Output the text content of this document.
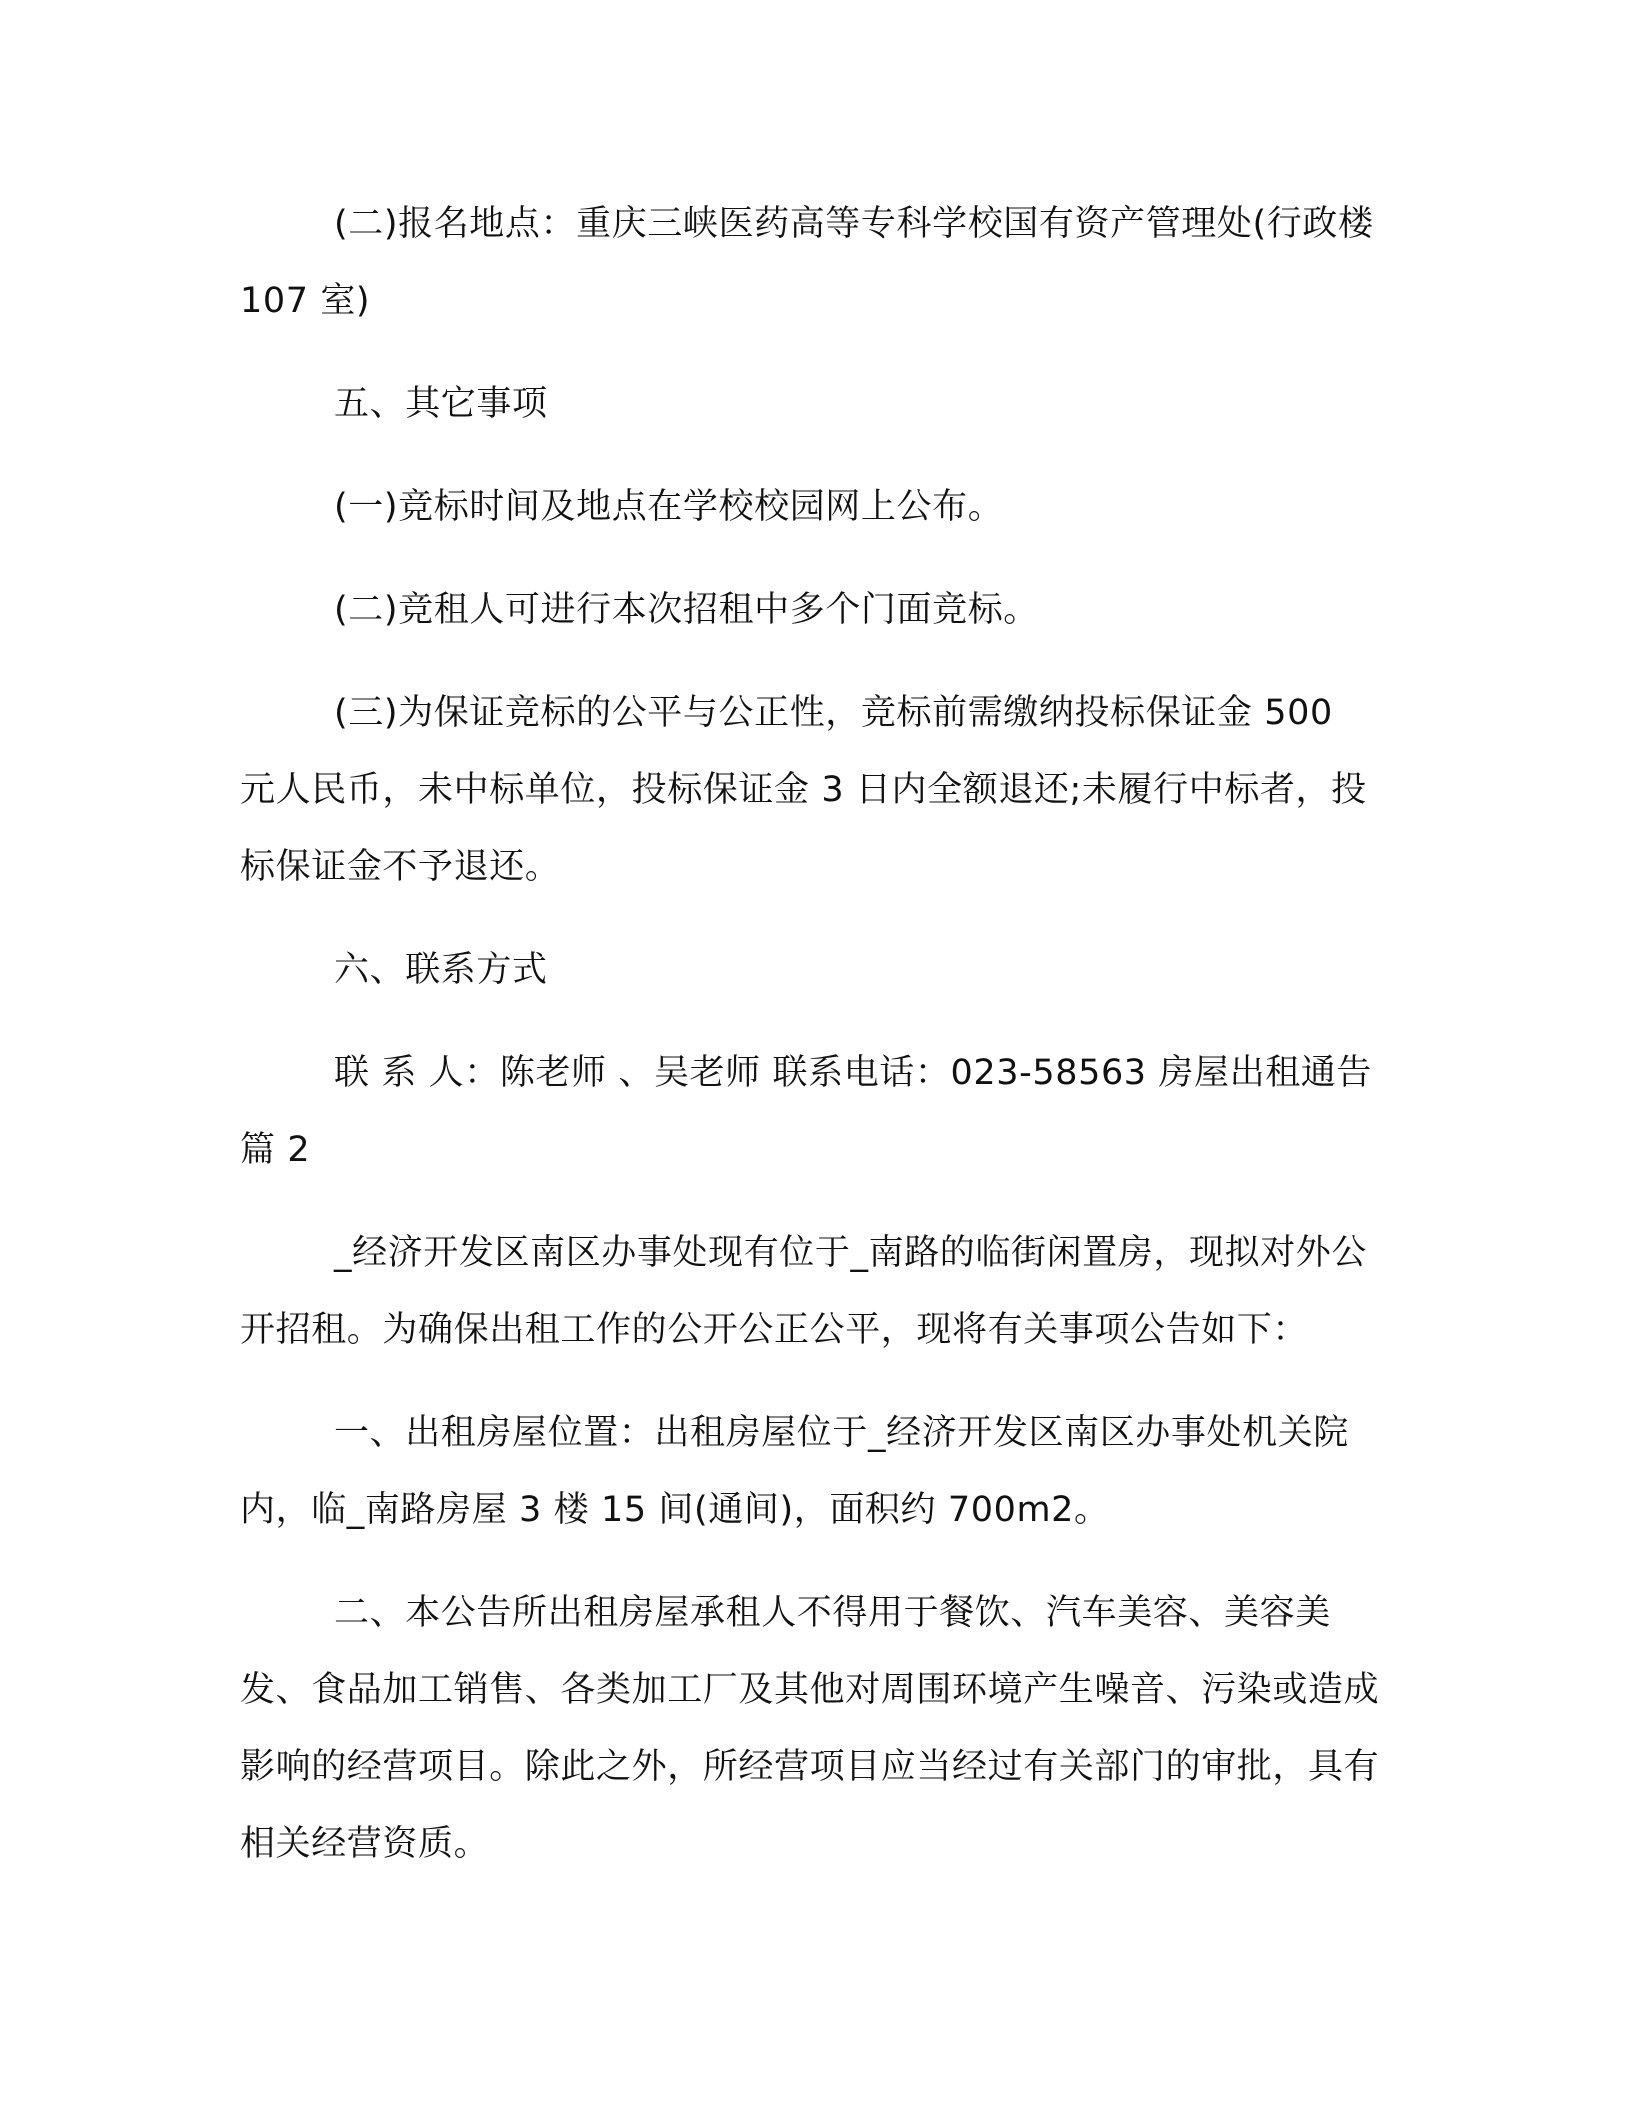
(二)报名地点：重庆三峡医药高等专科学校国有资产管理处(行政楼 107 室)

五、其它事项

(一)竞标时间及地点在学校校园网上公布。

(二)竞租人可进行本次招租中多个门面竞标。

(三)为保证竞标的公平与公正性，竞标前需缴纳投标保证金 500 元人民币，未中标单位，投标保证金 3 日内全额退还;未履行中标者，投标保证金不予退还。

六、联系方式

联 系 人：陈老师 、吴老师 联系电话：023-58563 房屋出租通告篇 2

_经济开发区南区办事处现有位于_南路的临街闲置房，现拟对外公开招租。为确保出租工作的公开公正公平，现将有关事项公告如下：

一、出租房屋位置：出租房屋位于_经济开发区南区办事处机关院内，临_南路房屋 3 楼 15 间(通间)，面积约 700m2。

二、本公告所出租房屋承租人不得用于餐饮、汽车美容、美容美发、食品加工销售、各类加工厂及其他对周围环境产生噪音、污染或造成影响的经营项目。除此之外，所经营项目应当经过有关部门的审批，具有相关经营资质。
